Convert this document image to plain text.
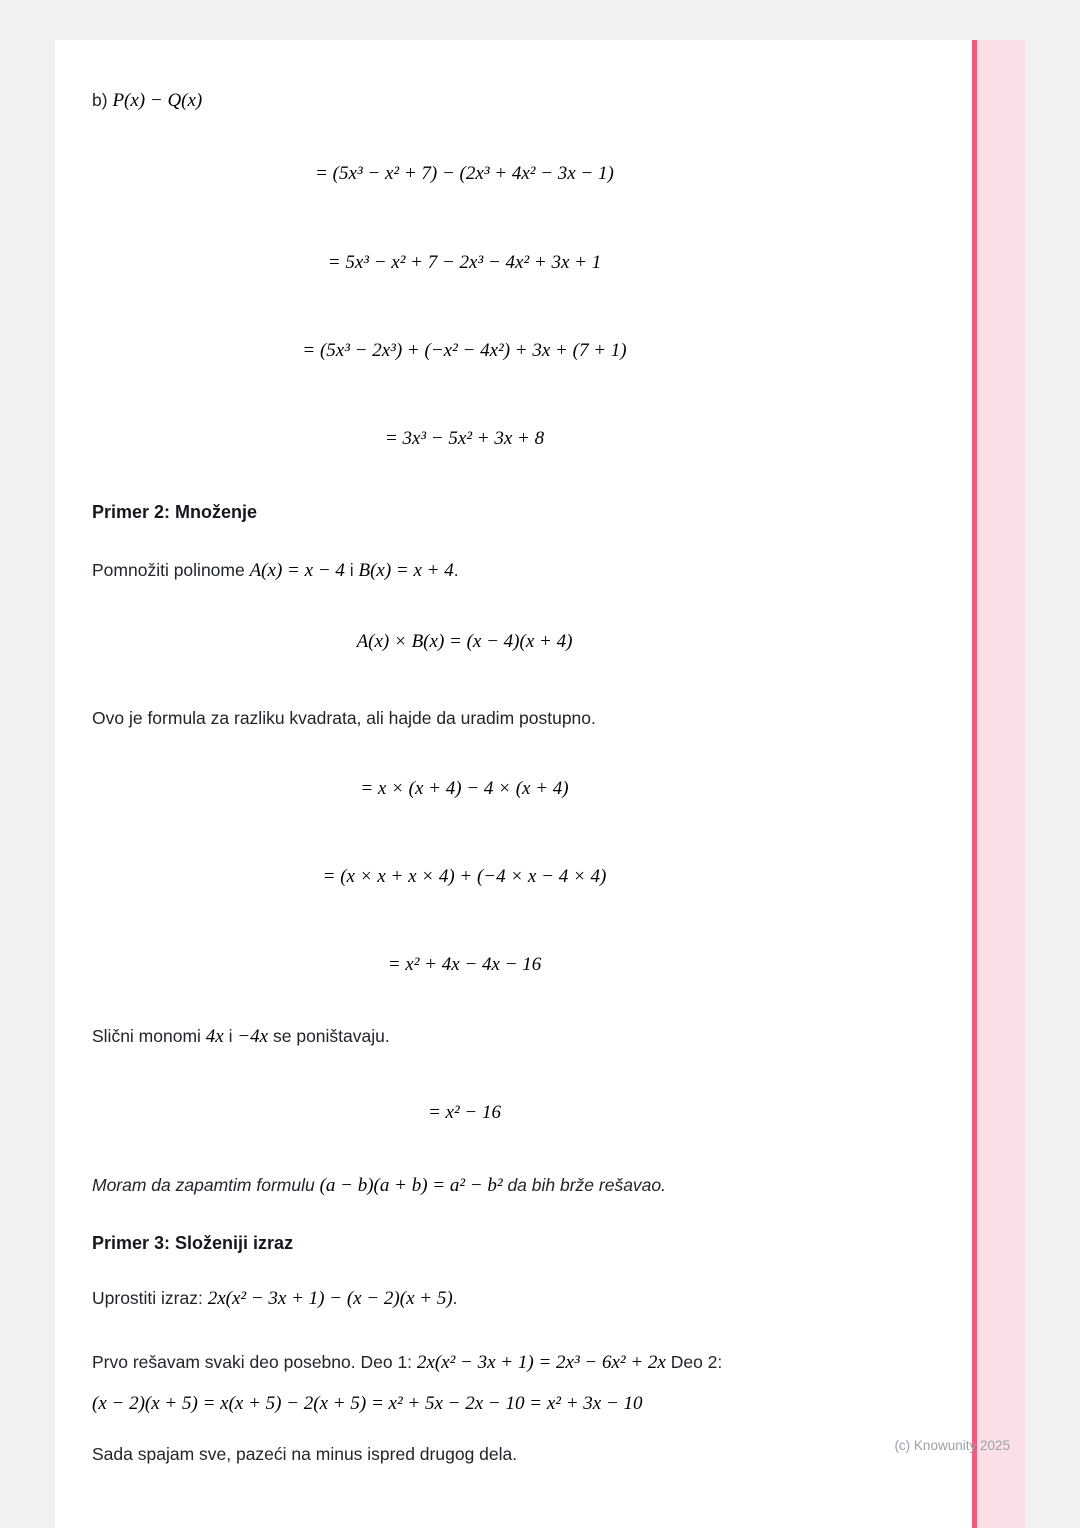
b) P(x) − Q(x)
= (5x³ − x² + 7) − (2x³ + 4x² − 3x − 1)
= 5x³ − x² + 7 − 2x³ − 4x² + 3x + 1
= (5x³ − 2x³) + (−x² − 4x²) + 3x + (7 + 1)
= 3x³ − 5x² + 3x + 8
Primer 2: Množenje
Pomnožiti polinome A(x) = x − 4 i B(x) = x + 4.
A(x) × B(x) = (x − 4)(x + 4)
Ovo je formula za razliku kvadrata, ali hajde da uradim postupno.
= x × (x + 4) − 4 × (x + 4)
= (x × x + x × 4) + (−4 × x − 4 × 4)
= x² + 4x − 4x − 16
Slični monomi 4x i −4x se poništavaju.
= x² − 16
Moram da zapamtim formulu (a − b)(a + b) = a² − b² da bih brže rešavao.
Primer 3: Složeniji izraz
Uprostiti izraz: 2x(x² − 3x + 1) − (x − 2)(x + 5).
Prvo rešavam svaki deo posebno. Deo 1: 2x(x² − 3x + 1) = 2x³ − 6x² + 2x Deo 2:
(x − 2)(x + 5) = x(x + 5) − 2(x + 5) = x² + 5x − 2x − 10 = x² + 3x − 10
Sada spajam sve, pazeći na minus ispred drugog dela.	(c) Knowunity 2025
